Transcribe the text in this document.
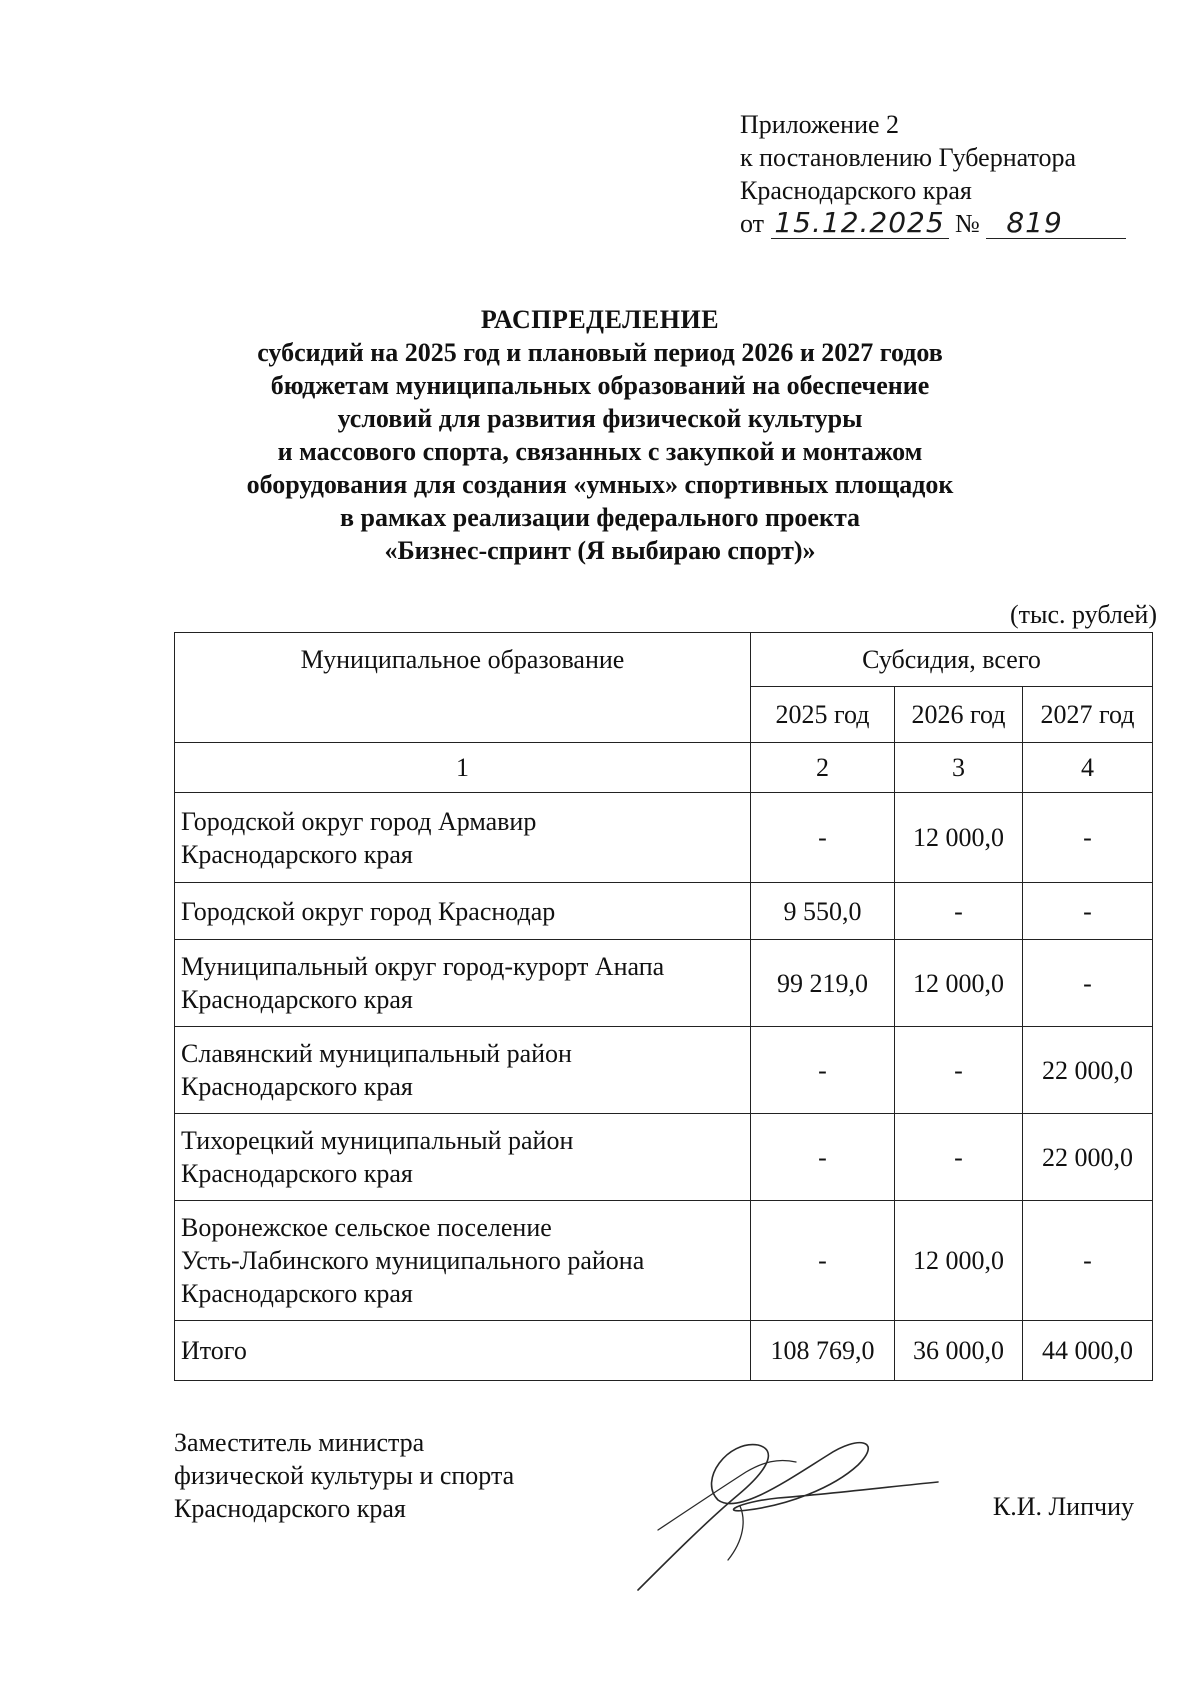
Приложение 2
к постановлению Губернатора
Краснодарского края
от 15.12.2025 № 819
РАСПРЕДЕЛЕНИЕ
субсидий на 2025 год и плановый период 2026 и 2027 годов
бюджетам муниципальных образований на обеспечение
условий для развития физической культуры
и массового спорта, связанных с закупкой и монтажом
оборудования для создания «умных» спортивных площадок
в рамках реализации федерального проекта
«Бизнес-спринт (Я выбираю спорт)»
(тыс. рублей)
Муниципальное образование	Субсидия, всего		
	2025 год	2026 год	2027 год
1	2	3	4

Городской округ город Армавир
Краснодарского края	-	12 000,0	-

Городской округ город Краснодар	9 550,0	-	-

Муниципальный округ город-курорт Анапа
Краснодарского края	99 219,0	12 000,0	-

Славянский муниципальный район
Краснодарского края	-	-	22 000,0

Тихорецкий муниципальный район
Краснодарского края	-	-	22 000,0

Воронежское сельское поселение
Усть-Лабинского муниципального района
Краснодарского края	-	12 000,0	-
Итого	108 769,0	36 000,0	44 000,0
Заместитель министра
физической культуры и спорта
Краснодарского края	К.И. Липчиу
